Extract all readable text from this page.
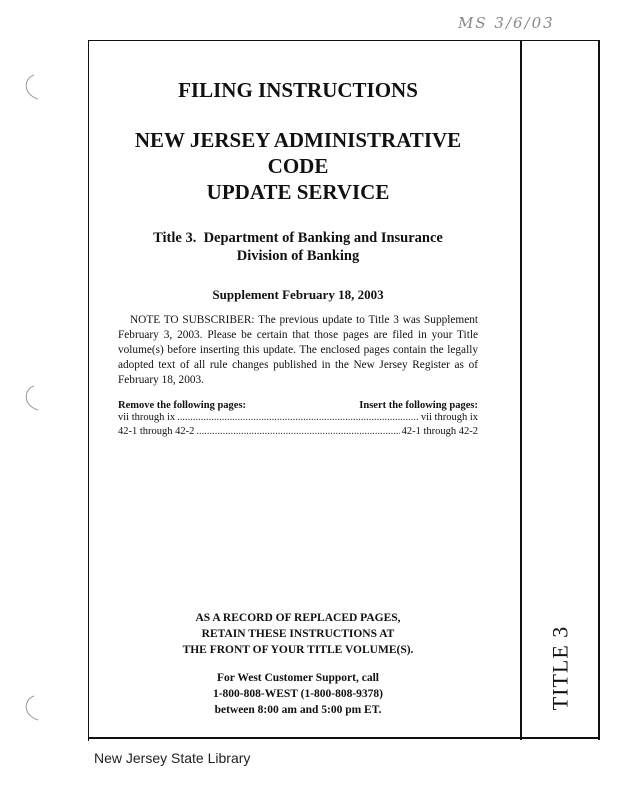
MS 3/6/03
TITLE 3
FILING INSTRUCTIONS
NEW JERSEY ADMINISTRATIVE CODE
UPDATE SERVICE
Title 3.  Department of Banking and Insurance
Division of Banking
Supplement February 18, 2003

NOTE TO SUBSCRIBER: The previous update to Title 3 was Supplement February 3, 2003. Please be certain that those pages are filed in your Title volume(s) before inserting this update. The enclosed pages contain the legally adopted text of all rule changes published in the New Jersey Register as of February 18, 2003.

Remove the following pages:	Insert the following pages:
vii through ix .....	vii through ix
42-1 through 42-2 .....	42-1 through 42-2
AS A RECORD OF REPLACED PAGES,
RETAIN THESE INSTRUCTIONS AT
THE FRONT OF YOUR TITLE VOLUME(S).
For West Customer Support, call
1-800-808-WEST (1-800-808-9378)
between 8:00 am and 5:00 pm ET.
New Jersey State Library
